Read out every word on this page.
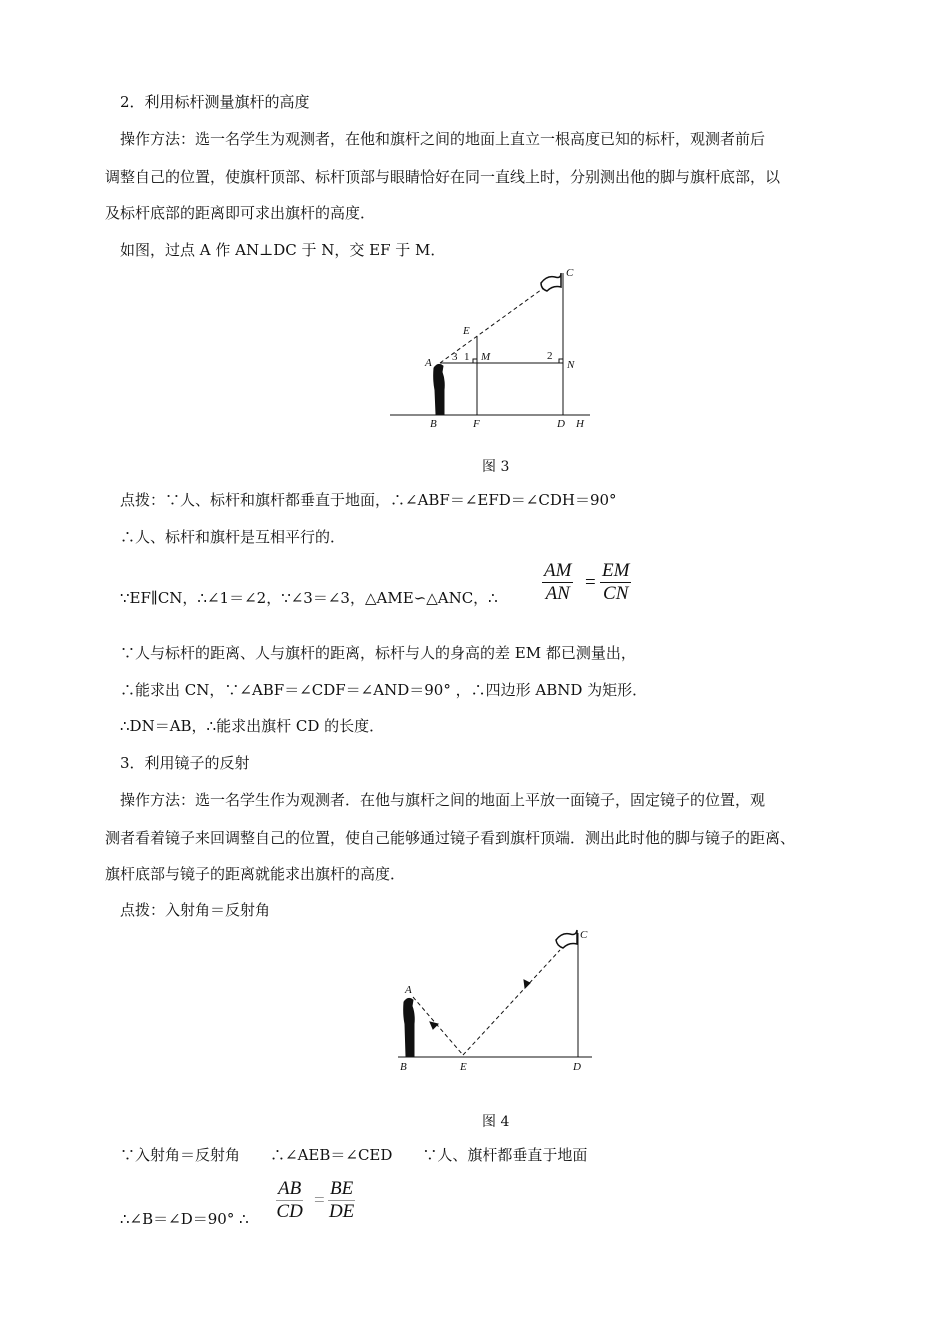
2．利用标杆测量旗杆的高度
操作方法：选一名学生为观测者，在他和旗杆之间的地面上直立一根高度已知的标杆，观测者前后
调整自己的位置，使旗杆顶部、标杆顶部与眼睛恰好在同一直线上时，分别测出他的脚与旗杆底部，以
及标杆底部的距离即可求出旗杆的高度．
如图，过点 A 作 AN⊥DC 于 N，交 EF 于 M．
C
E
A 3 1 M	2
N
B	F	D H
A
B	E	D
C
图 3
点拨：∵人、标杆和旗杆都垂直于地面，∴∠ABF＝∠EFD＝∠CDH＝90°
∴人、标杆和旗杆是互相平行的．
∵EF∥CN，∴∠1＝∠2，∵∠3＝∠3，△AME∽△ANC，∴ $\frac{AM}{AN} = \frac{EM}{CN}$
∵人与标杆的距离、人与旗杆的距离，标杆与人的身高的差 EM 都已测量出，
∴能求出 CN，∵∠ABF＝∠CDF＝∠AND＝90° ，∴四边形 ABND 为矩形．
∴DN＝AB，∴能求出旗杆 CD 的长度．
3．利用镜子的反射
操作方法：选一名学生作为观测者．在他与旗杆之间的地面上平放一面镜子，固定镜子的位置，观
测者看着镜子来回调整自己的位置，使自己能够通过镜子看到旗杆顶端．测出此时他的脚与镜子的距离、
旗杆底部与镜子的距离就能求出旗杆的高度．
点拨：入射角＝反射角
图 4
∵入射角＝反射角　　∴∠AEB＝∠CED　　∵人、旗杆都垂直于地面
∴∠B＝∠D＝90° ∴ $\frac{AB}{CD} = \frac{BE}{DE}$
